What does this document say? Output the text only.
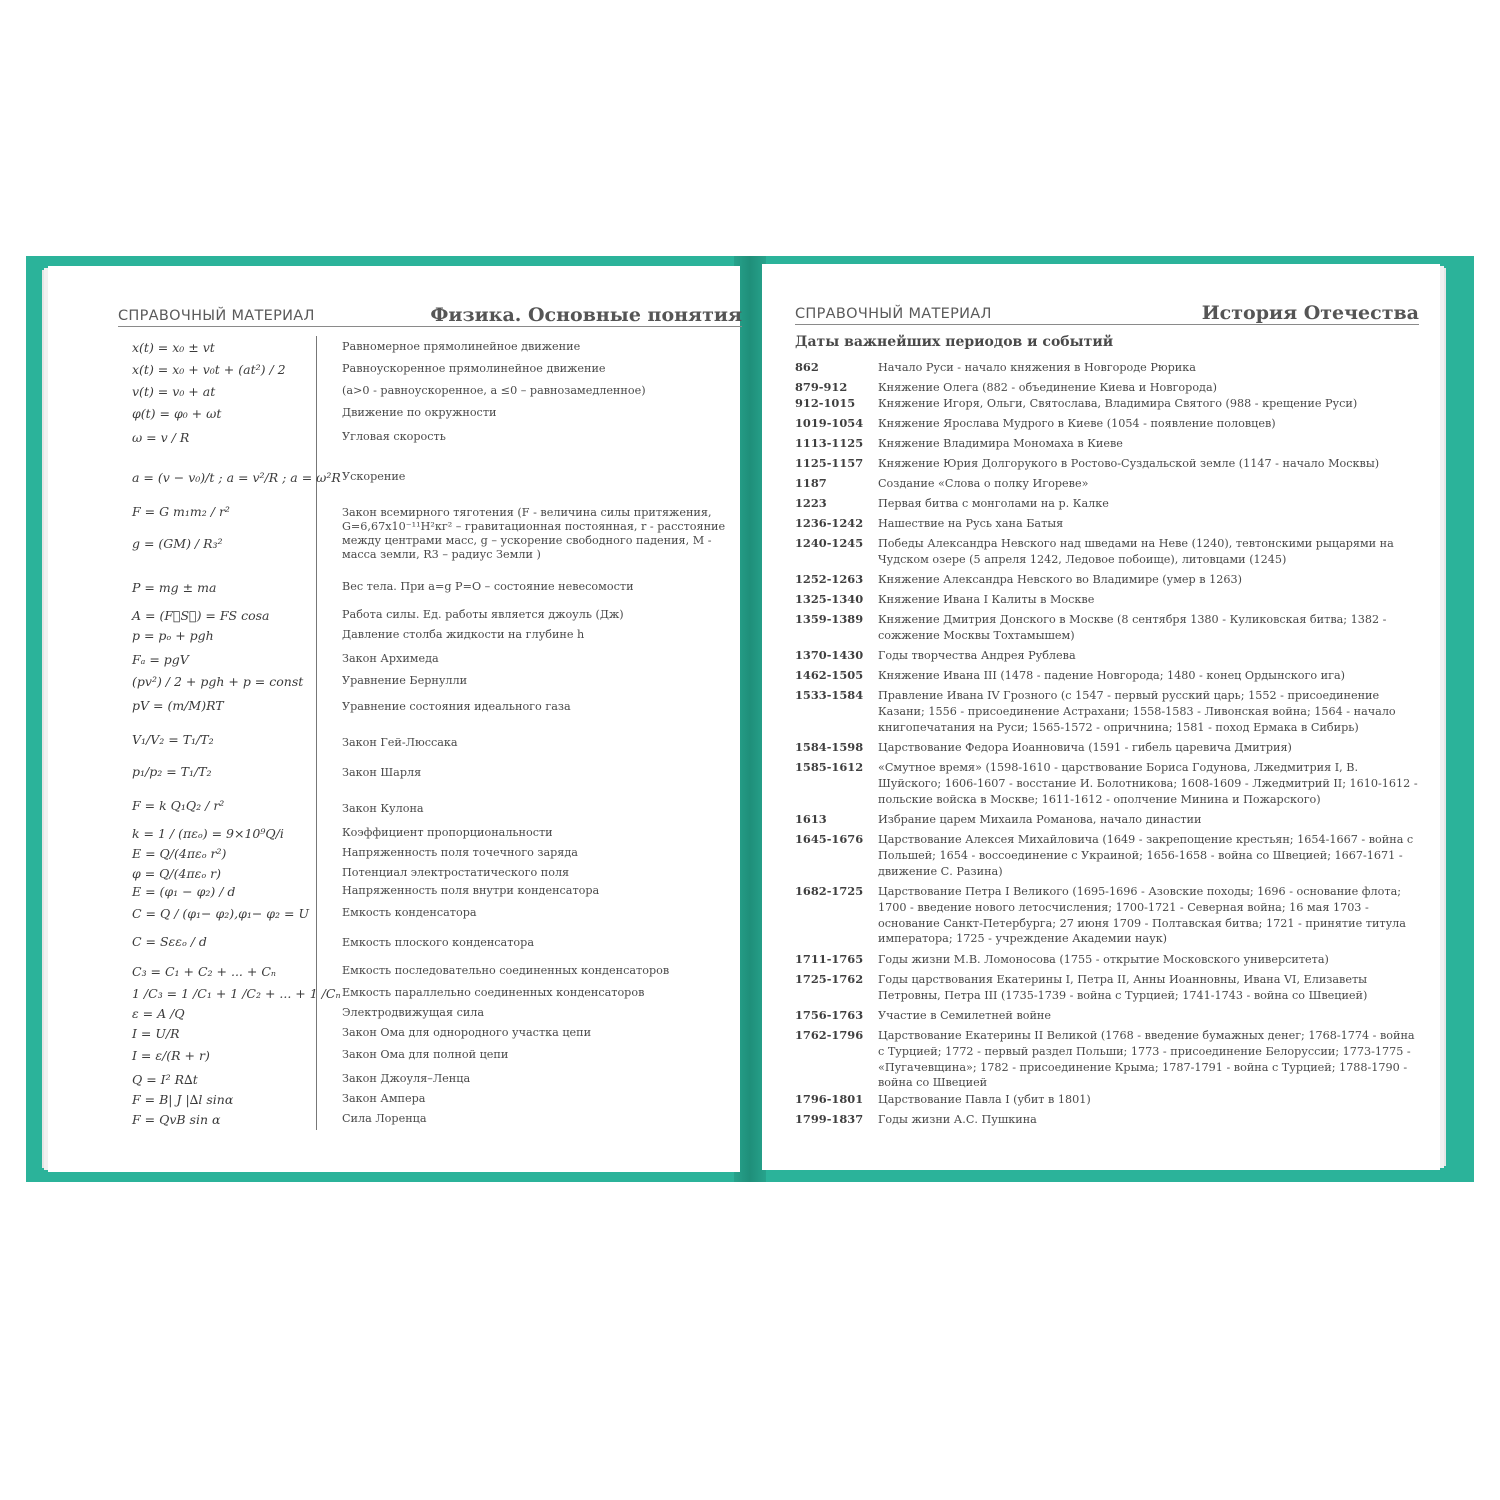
СПРАВОЧНЫЙ МАТЕРИАЛ	Физика. Основные понятия
x(t) = x₀ ± vt	Равномерное прямолинейное движение
x(t) = x₀ + v₀t + (at²) / 2	Равноускоренное прямолинейное движение
v(t) = v₀ + at	(a>0 - равноускоренное, a ≤0 – равнозамедленное)
φ(t) = φ₀ + ωt	Движение по окружности
ω = v / R	Угловая скорость
a = (v − v₀)/t ; a = v²/R ; a = ω²R Ускорение
F = G m₁m₂ / r²	Закон всемирного тяготения (F - величина силы притяжения, G=6,67x10⁻¹¹Н²кг² – гравитационная постоянная, r - расстояние между центрами масс, g – ускорение свободного падения, М - масса земли, R3 – радиус Земли )
g = (GM) / R₃²
P = mg ± ma	Вес тела. При a=g P=O – состояние невесомости
A = (F⃗S⃗) = FS cosa	Работа силы. Ед. работы является джоуль (Дж)
p = pₒ + pgh	Давление столба жидкости на глубине h
Fₐ = pgV	Закон Архимеда
(pv²) / 2 + pgh + p = const	Уравнение Бернулли
pV = (m/M)RT	Уравнение состояния идеального газа
V₁/V₂ = T₁/T₂	Закон Гей-Люссака
p₁/p₂ = T₁/T₂	Закон Шарля
F = k Q₁Q₂ / r²	Закон Кулона
k = 1 / (πεₒ) = 9×10⁹Q/i	Коэффициент пропорциональности
E = Q/(4πεₒ r²)	Напряженность поля точечного заряда
φ = Q/(4πεₒ r)	Потенциал электростатического поля
E = (φ₁ − φ₂) / d	Напряженность поля внутри конденсатора
C = Q / (φ₁− φ₂),φ₁− φ₂ = U	Емкость конденсатора
C = Sεεₒ / d	Емкость плоского конденсатора
C₃ = C₁ + C₂ + ... + Cₙ	Емкость последовательно соединенных конденсаторов
1 /C₃ = 1 /C₁ + 1 /C₂ + ... + 1 /Cₙ Емкость параллельно соединенных конденсаторов
ε = A /Q	Электродвижущая сила
I = U/R	Закон Ома для однородного участка цепи
I = ε/(R + r)	Закон Ома для полной цепи
Q = I² R∆t	Закон Джоуля–Ленца
F = B| J |∆l sinα	Закон Ампера
F = QvB sin α	Сила Лоренца
СПРАВОЧНЫЙ МАТЕРИАЛ	История Отечества
Даты важнейших периодов и событий
862	Начало Руси - начало княжения в Новгороде Рюрика
879-912	Княжение Олега (882 - объединение Киева и Новгорода)
912-1015	Княжение Игоря, Ольги, Святослава, Владимира Святого (988 - крещение Руси)
1019-1054	Княжение Ярослава Мудрого в Киеве (1054 - появление половцев)
1113-1125	Княжение Владимира Мономаха в Киеве
1125-1157	Княжение Юрия Долгорукого в Ростово-Суздальской земле (1147 - начало Москвы)
1187	Создание «Слова о полку Игореве»
1223	Первая битва с монголами на р. Калке
1236-1242	Нашествие на Русь хана Батыя
1240-1245	Победы Александра Невского над шведами на Неве (1240), тевтонскими рыцарями на Чудском озере (5 апреля 1242, Ледовое побоище), литовцами (1245)
1252-1263	Княжение Александра Невского во Владимире (умер в 1263)
1325-1340	Княжение Ивана I Калиты в Москве
1359-1389	Княжение Дмитрия Донского в Москве (8 сентября 1380 - Куликовская битва; 1382 - сожжение Москвы Тохтамышем)
1370-1430	Годы творчества Андрея Рублева
1462-1505	Княжение Ивана III (1478 - падение Новгорода; 1480 - конец Ордынского ига)
1533-1584	Правление Ивана IV Грозного (с 1547 - первый русский царь; 1552 - присоединение Казани; 1556 - присоединение Астрахани; 1558-1583 - Ливонская война; 1564 - начало книгопечатания на Руси; 1565-1572 - опричнина; 1581 - поход Ермака в Сибирь)
1584-1598	Царствование Федора Иоанновича (1591 - гибель царевича Дмитрия)
1585-1612	«Смутное время» (1598-1610 - царствование Бориса Годунова, Лжедмитрия I, В. Шуйского; 1606-1607 - восстание И. Болотникова; 1608-1609 - Лжедмитрий II; 1610-1612 - польские войска в Москве; 1611-1612 - ополчение Минина и Пожарского)
1613	Избрание царем Михаила Романова, начало династии
1645-1676	Царствование Алексея Михайловича (1649 - закрепощение крестьян; 1654-1667 - война с Польшей; 1654 - воссоединение с Украиной; 1656-1658 - война со Швецией; 1667-1671 - движение С. Разина)
1682-1725	Царствование Петра I Великого (1695-1696 - Азовские походы; 1696 - основание флота; 1700 - введение нового летосчисления; 1700-1721 - Северная война; 16 мая 1703 - основание Санкт-Петербурга; 27 июня 1709 - Полтавская битва; 1721 - принятие титула императора; 1725 - учреждение Академии наук)
1711-1765	Годы жизни М.В. Ломоносова (1755 - открытие Московского университета)
1725-1762	Годы царствования Екатерины I, Петра II, Анны Иоанновны, Ивана VI, Елизаветы Петровны, Петра III (1735-1739 - война с Турцией; 1741-1743 - война со Швецией)
1756-1763	Участие в Семилетней войне
1762-1796	Царствование Екатерины II Великой (1768 - введение бумажных денег; 1768-1774 - война с Турцией; 1772 - первый раздел Польши; 1773 - присоединение Белоруссии; 1773-1775 - «Пугачевщина»; 1782 - присоединение Крыма; 1787-1791 - война с Турцией; 1788-1790 - война со Швецией
1796-1801	Царствование Павла I (убит в 1801)
1799-1837	Годы жизни А.С. Пушкина
